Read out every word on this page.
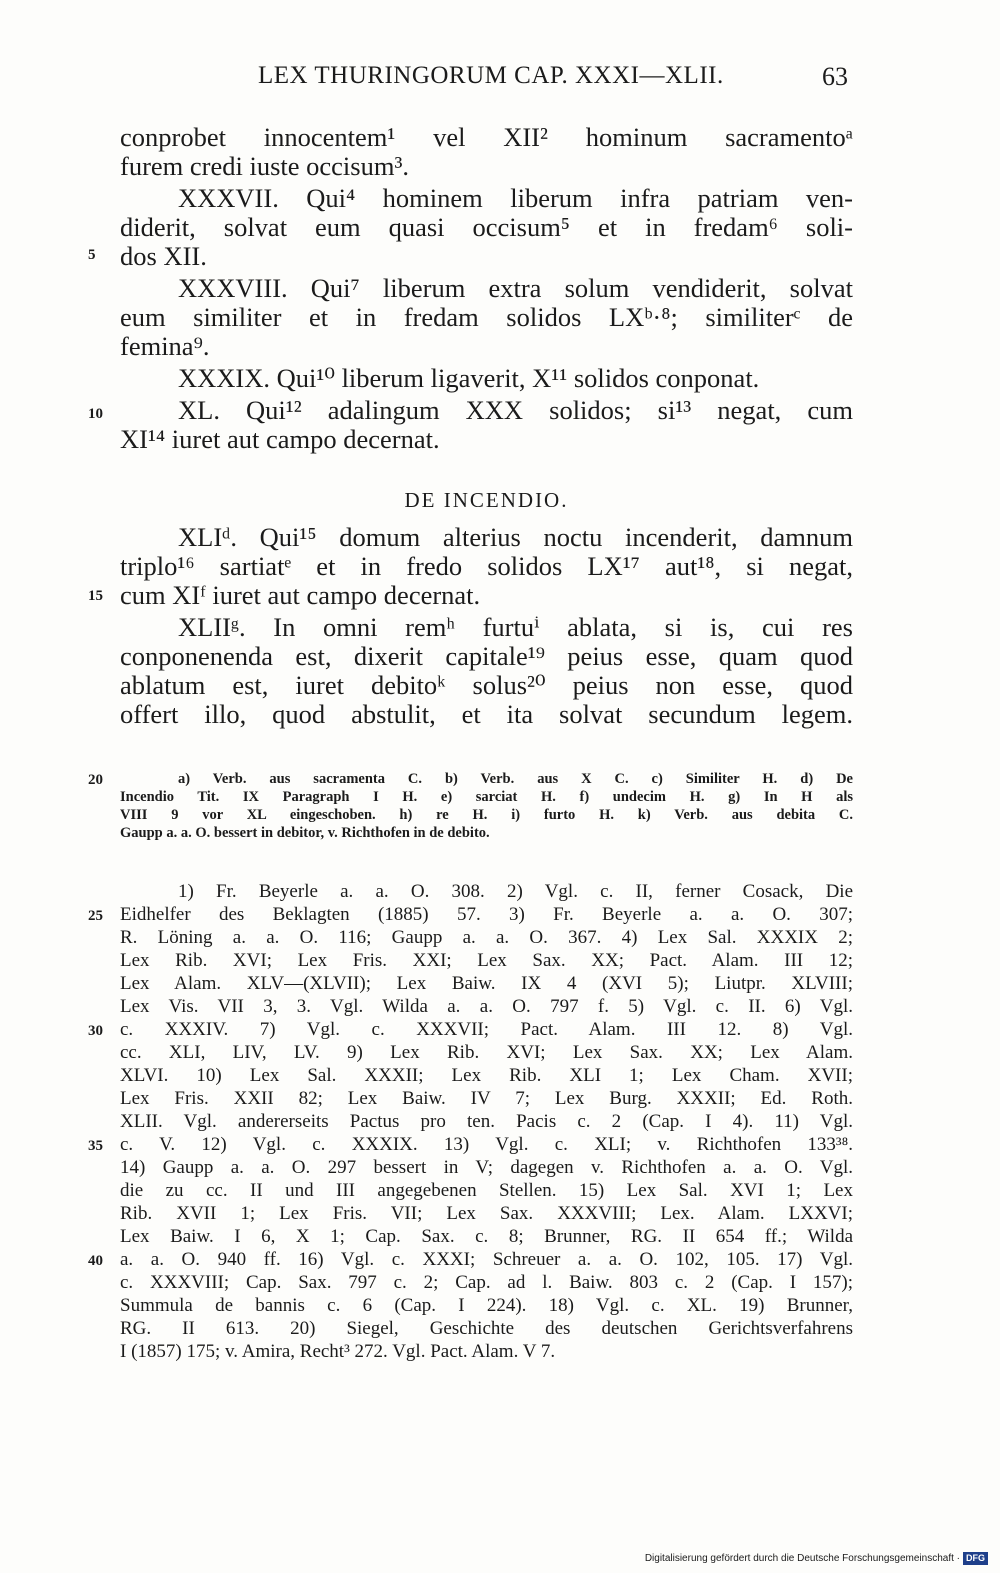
LEX THURINGORUM CAP. XXXI—XLII.	63
conprobet innocentem¹ vel XII² hominum sacramentoᵃ
furem credi iuste occisum³.
XXXVII. Qui⁴ hominem liberum infra patriam ven-
diderit, solvat eum quasi occisum⁵ et in fredam⁶ soli-
dos XII.
XXXVIII. Qui⁷ liberum extra solum vendiderit, solvat
eum similiter et in fredam solidos LXᵇ·⁸; similiterᶜ de
femina⁹.
XXXIX. Qui¹⁰ liberum ligaverit, X¹¹ solidos conponat.
XL. Qui¹² adalingum XXX solidos; si¹³ negat, cum
XI¹⁴ iuret aut campo decernat.
DE INCENDIO.
XLIᵈ. Qui¹⁵ domum alterius noctu incenderit, damnum
triplo¹⁶ sartiatᵉ et in fredo solidos LX¹⁷ aut¹⁸, si negat,
cum XIᶠ iuret aut campo decernat.
XLIIᵍ. In omni remʰ furtuⁱ ablata, si is, cui res
conponenenda est, dixerit capitale¹⁹ peius esse, quam quod
ablatum est, iuret debitoᵏ solus²⁰ peius non esse, quod
offert illo, quod abstulit, et ita solvat secundum legem.
a) Verb. aus sacramenta C. b) Verb. aus X C. c) Similiter H. d) De
Incendio Tit. IX Paragraph I H. e) sarciat H. f) undecim H. g) In H als
VIII 9 vor XL eingeschoben. h) re H. i) furto H. k) Verb. aus debita C.
Gaupp a. a. O. bessert in debitor, v. Richthofen in de debito.
1) Fr. Beyerle a. a. O. 308. 2) Vgl. c. II, ferner Cosack, Die
Eidhelfer des Beklagten (1885) 57. 3) Fr. Beyerle a. a. O. 307;
R. Löning a. a. O. 116; Gaupp a. a. O. 367. 4) Lex Sal. XXXIX 2;
Lex Rib. XVI; Lex Fris. XXI; Lex Sax. XX; Pact. Alam. III 12;
Lex Alam. XLV—(XLVII); Lex Baiw. IX 4 (XVI 5); Liutpr. XLVIII;
Lex Vis. VII 3, 3. Vgl. Wilda a. a. O. 797 f. 5) Vgl. c. II. 6) Vgl.
c. XXXIV. 7) Vgl. c. XXXVII; Pact. Alam. III 12. 8) Vgl.
cc. XLI, LIV, LV. 9) Lex Rib. XVI; Lex Sax. XX; Lex Alam.
XLVI. 10) Lex Sal. XXXII; Lex Rib. XLI 1; Lex Cham. XVII;
Lex Fris. XXII 82; Lex Baiw. IV 7; Lex Burg. XXXII; Ed. Roth.
XLII. Vgl. andererseits Pactus pro ten. Pacis c. 2 (Cap. I 4). 11) Vgl.
c. V. 12) Vgl. c. XXXIX. 13) Vgl. c. XLI; v. Richthofen 133³⁸.
14) Gaupp a. a. O. 297 bessert in V; dagegen v. Richthofen a. a. O. Vgl.
die zu cc. II und III angegebenen Stellen. 15) Lex Sal. XVI 1; Lex
Rib. XVII 1; Lex Fris. VII; Lex Sax. XXXVIII; Lex. Alam. LXXVI;
Lex Baiw. I 6, X 1; Cap. Sax. c. 8; Brunner, RG. II 654 ff.; Wilda
a. a. O. 940 ff. 16) Vgl. c. XXXI; Schreuer a. a. O. 102, 105. 17) Vgl.
c. XXXVIII; Cap. Sax. 797 c. 2; Cap. ad l. Baiw. 803 c. 2 (Cap. I 157);
Summula de bannis c. 6 (Cap. I 224). 18) Vgl. c. XL. 19) Brunner,
RG. II 613. 20) Siegel, Geschichte des deutschen Gerichtsverfahrens
I (1857) 175; v. Amira, Recht³ 272. Vgl. Pact. Alam. V 7.
5
10
15
20
25
30
35
40
Digitalisierung gefördert durch die Deutsche Forschungsgemeinschaft · DFG
